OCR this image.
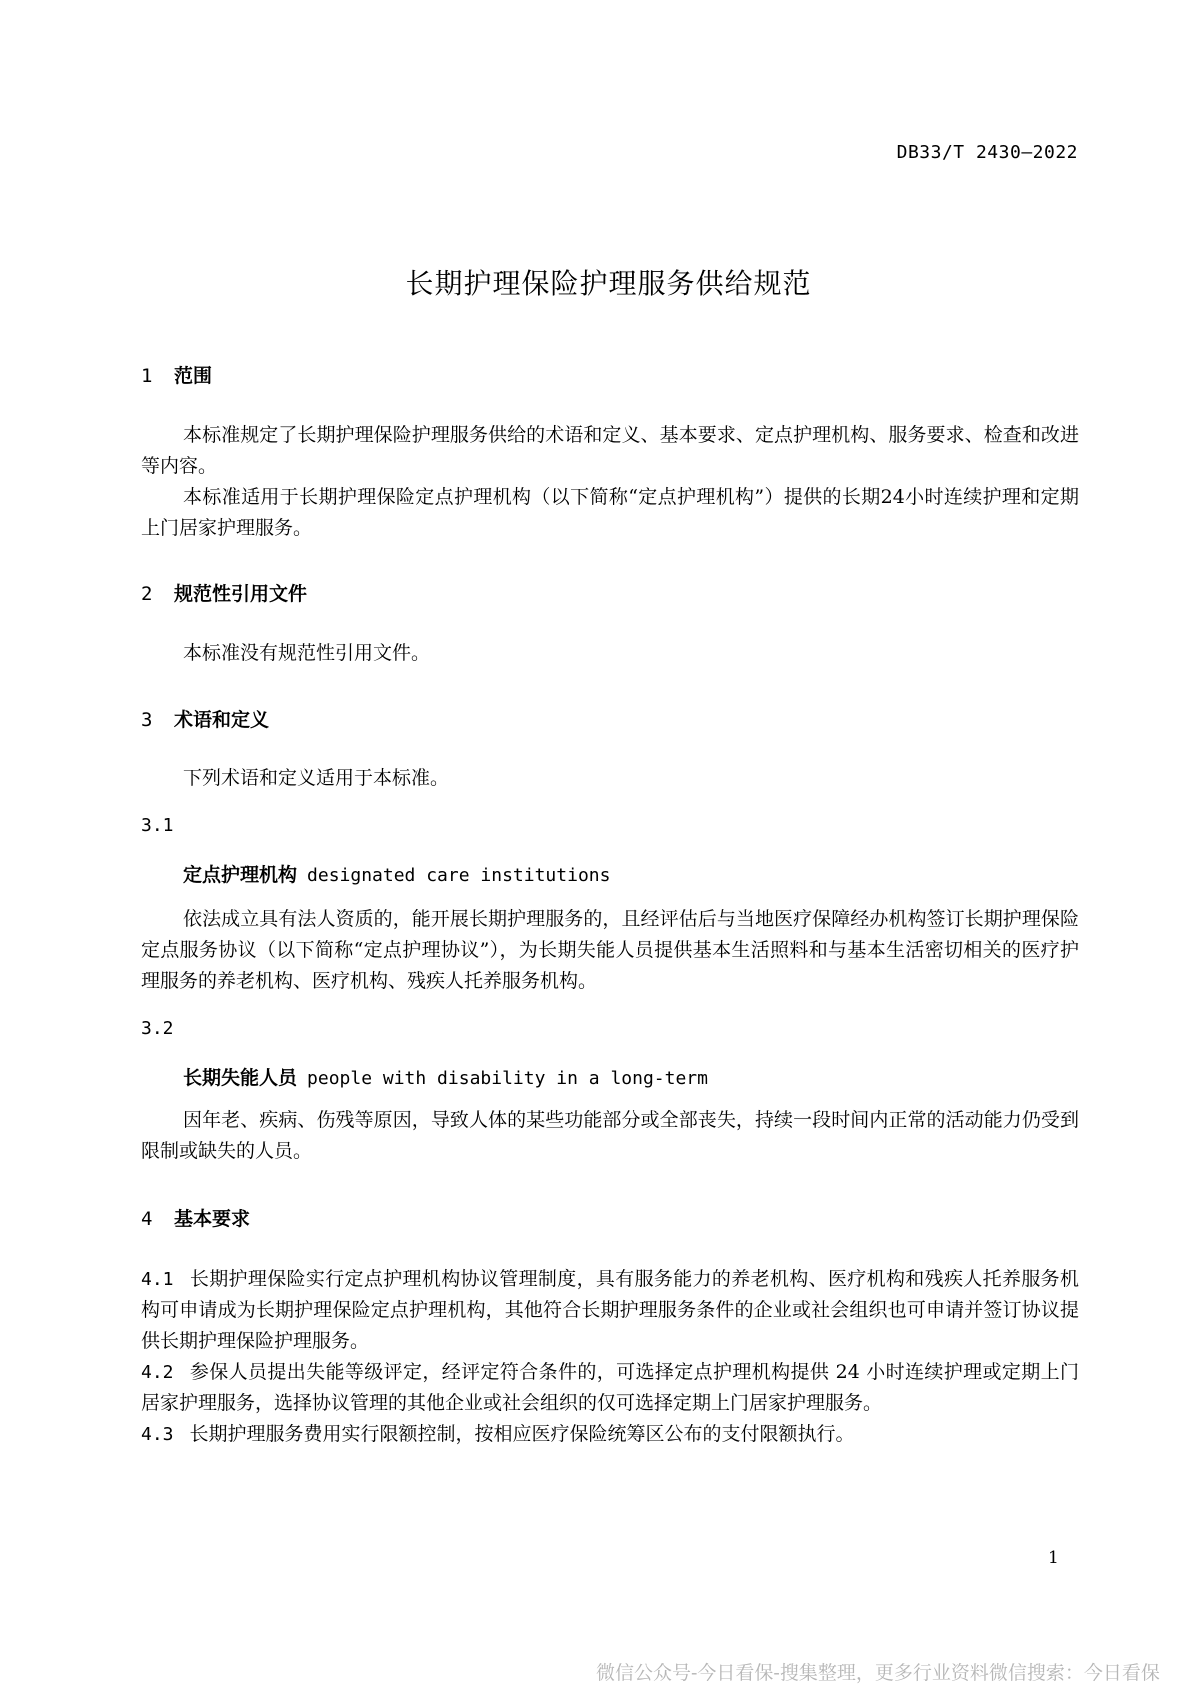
DB33/T 2430—2022
长期护理保险护理服务供给规范
1 范围
本标准规定了长期护理保险护理服务供给的术语和定义、基本要求、定点护理机构、服务要求、检查和改进等内容。
本标准适用于长期护理保险定点护理机构（以下简称“定点护理机构”）提供的长期24小时连续护理和定期上门居家护理服务。
2 规范性引用文件
本标准没有规范性引用文件。
3 术语和定义
下列术语和定义适用于本标准。
3.1
定点护理机构 designated care institutions
依法成立具有法人资质的，能开展长期护理服务的，且经评估后与当地医疗保障经办机构签订长期护理保险定点服务协议（以下简称“定点护理协议”），为长期失能人员提供基本生活照料和与基本生活密切相关的医疗护理服务的养老机构、医疗机构、残疾人托养服务机构。
3.2
长期失能人员 people with disability in a long-term
因年老、疾病、伤残等原因，导致人体的某些功能部分或全部丧失，持续一段时间内正常的活动能力仍受到限制或缺失的人员。
4 基本要求
4.1 长期护理保险实行定点护理机构协议管理制度，具有服务能力的养老机构、医疗机构和残疾人托养服务机构可申请成为长期护理保险定点护理机构，其他符合长期护理服务条件的企业或社会组织也可申请并签订协议提供长期护理保险护理服务。
4.2 参保人员提出失能等级评定，经评定符合条件的，可选择定点护理机构提供 24 小时连续护理或定期上门居家护理服务，选择协议管理的其他企业或社会组织的仅可选择定期上门居家护理服务。
4.3 长期护理服务费用实行限额控制，按相应医疗保险统筹区公布的支付限额执行。
1
微信公众号-今日看保-搜集整理，更多行业资料微信搜索：今日看保
